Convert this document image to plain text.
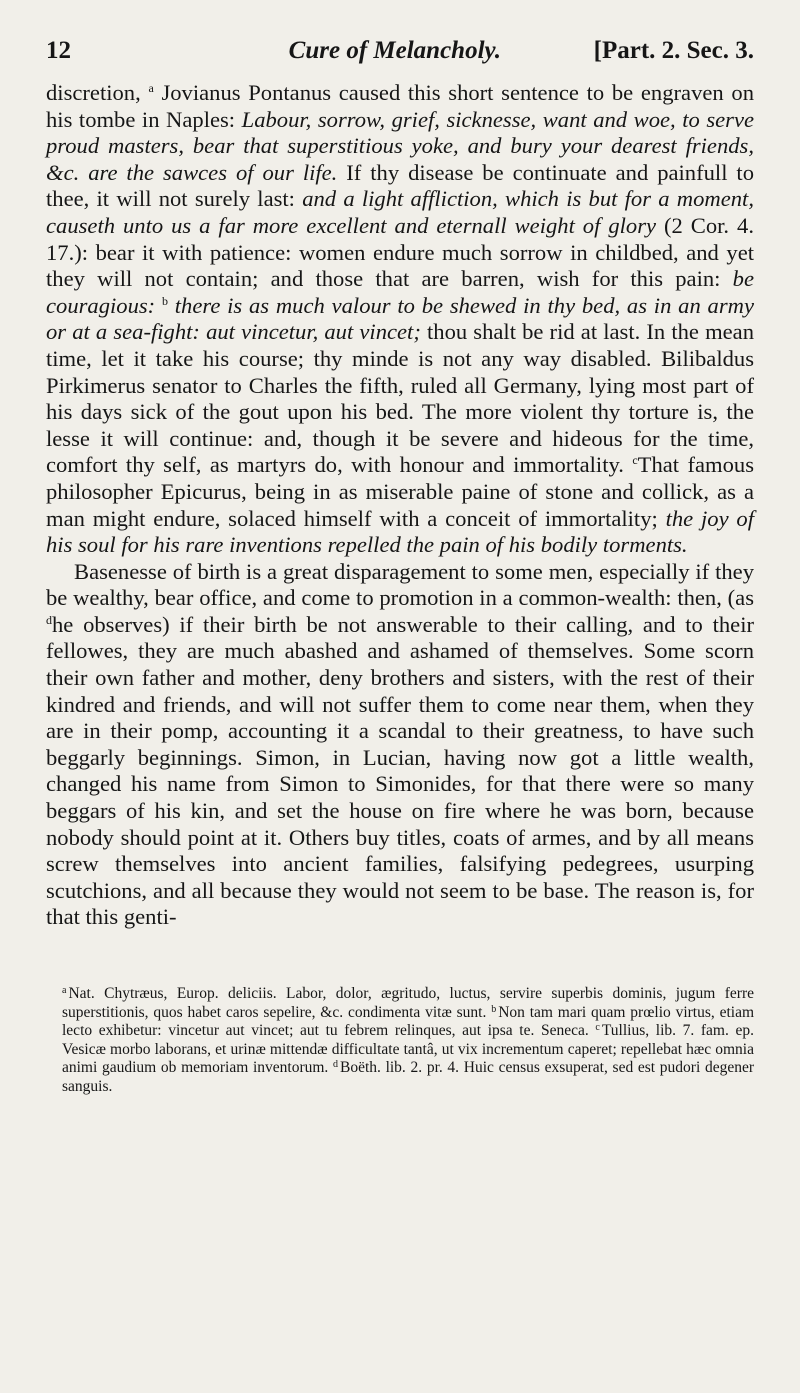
12	Cure of Melancholy.	[Part. 2. Sec. 3.

discretion, $^a$ Jovianus Pontanus caused this short sentence to be engraven on his tombe in Naples: Labour, sorrow, grief, sicknesse, want and woe, to serve proud masters, bear that superstitious yoke, and bury your dearest friends, &c. are the sawces of our life. If thy disease be continuate and painfull to thee, it will not surely last: and a light affliction, which is but for a moment, causeth unto us a far more excellent and eternall weight of glory (2 Cor. 4. 17.): bear it with patience: women endure much sorrow in childbed, and yet they will not contain; and those that are barren, wish for this pain: be couragious: $^b$ there is as much valour to be shewed in thy bed, as in an army or at a sea-fight: aut vincetur, aut vincet; thou shalt be rid at last. In the mean time, let it take his course; thy minde is not any way disabled. Bilibaldus Pirkimerus senator to Charles the fifth, ruled all Germany, lying most part of his days sick of the gout upon his bed. The more violent thy torture is, the lesse it will continue: and, though it be severe and hideous for the time, comfort thy self, as martyrs do, with honour and immortality. $^c$That famous philosopher Epicurus, being in as miserable paine of stone and collick, as a man might endure, solaced himself with a conceit of immortality; the joy of his soul for his rare inventions repelled the pain of his bodily torments.

Basenesse of birth is a great disparagement to some men, especially if they be wealthy, bear office, and come to promotion in a common-wealth: then, (as $^d$he observes) if their birth be not answerable to their calling, and to their fellowes, they are much abashed and ashamed of themselves. Some scorn their own father and mother, deny brothers and sisters, with the rest of their kindred and friends, and will not suffer them to come near them, when they are in their pomp, accounting it a scandal to their greatness, to have such beggarly beginnings. Simon, in Lucian, having now got a little wealth, changed his name from Simon to Simonides, for that there were so many beggars of his kin, and set the house on fire where he was born, because nobody should point at it. Others buy titles, coats of armes, and by all means screw themselves into ancient families, falsifying pedegrees, usurping scutchions, and all because they would not seem to be base. The reason is, for that this genti-

$^a$ Nat. Chytræus, Europ. deliciis. Labor, dolor, ægritudo, luctus, servire superbis dominis, jugum ferre superstitionis, quos habet caros sepelire, &c. condimenta vitæ sunt. $^b$ Non tam mari quam prœlio virtus, etiam lecto exhibetur: vincetur aut vincet; aut tu febrem relinques, aut ipsa te. Seneca. $^c$ Tullius, lib. 7. fam. ep. Vesicæ morbo laborans, et urinæ mittendæ difficultate tantâ, ut vix incrementum caperet; repellebat hæc omnia animi gaudium ob memoriam inventorum. $^d$ Boëth. lib. 2. pr. 4. Huic census exsuperat, sed est pudori degener sanguis.
